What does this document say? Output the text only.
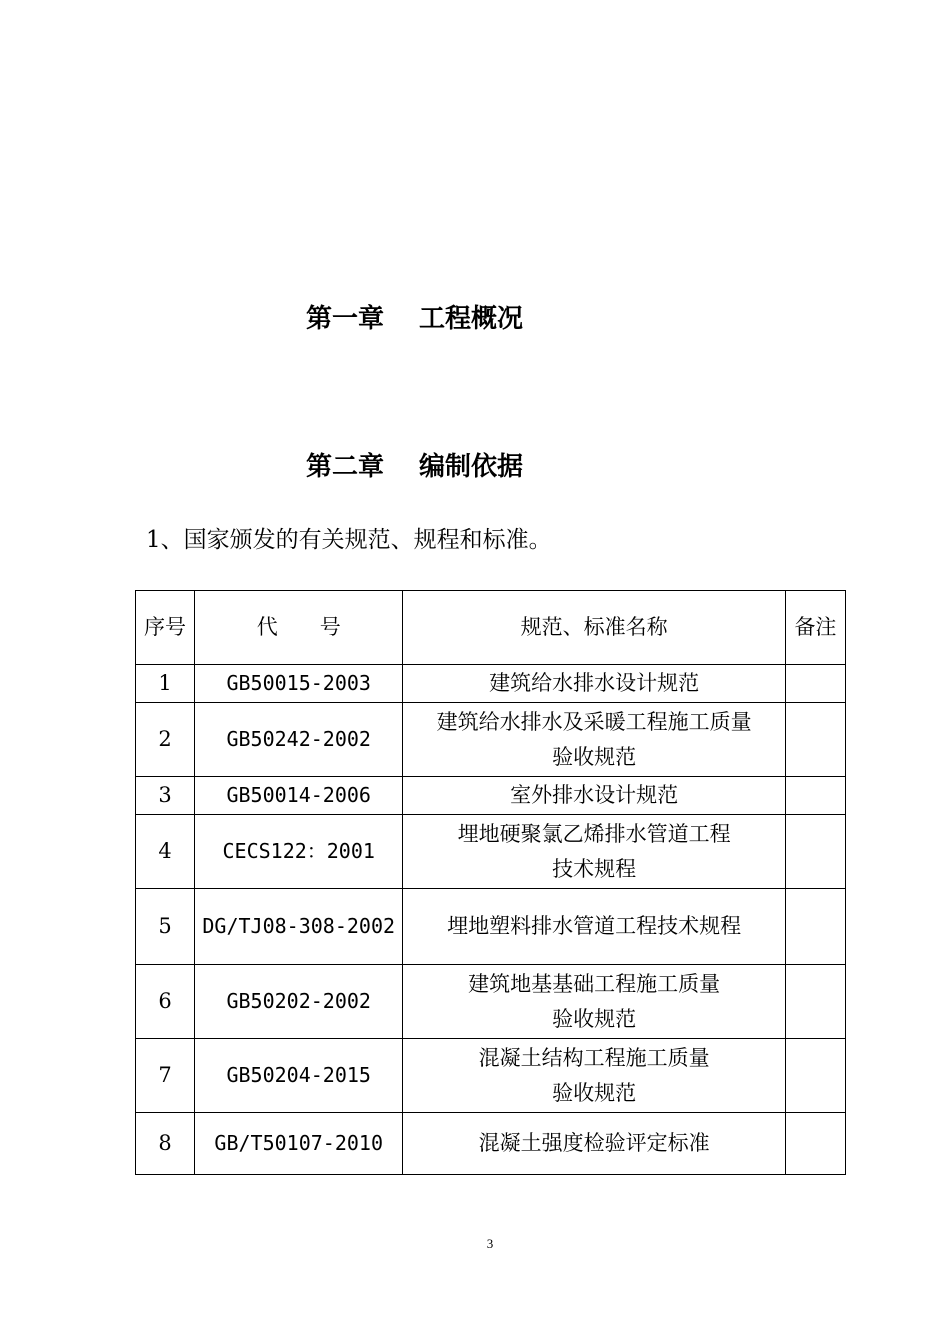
第一章　 工程概况
第二章　 编制依据
1、国家颁发的有关规范、规程和标准。
序号	代　　号	规范、标准名称	备注
1	GB50015-2003	建筑给水排水设计规范	

2	GB50242-2002	建筑给水排水及采暖工程施工质量
验收规范	

3	GB50014-2006	室外排水设计规范	

4	CECS122：2001	埋地硬聚氯乙烯排水管道工程
技术规程	

5	DG/TJ08-308-2002	埋地塑料排水管道工程技术规程	

6	GB50202-2002	建筑地基基础工程施工质量
验收规范	

7	GB50204-2015	混凝土结构工程施工质量
验收规范	

8	GB/T50107-2010	混凝土强度检验评定标准	

3
